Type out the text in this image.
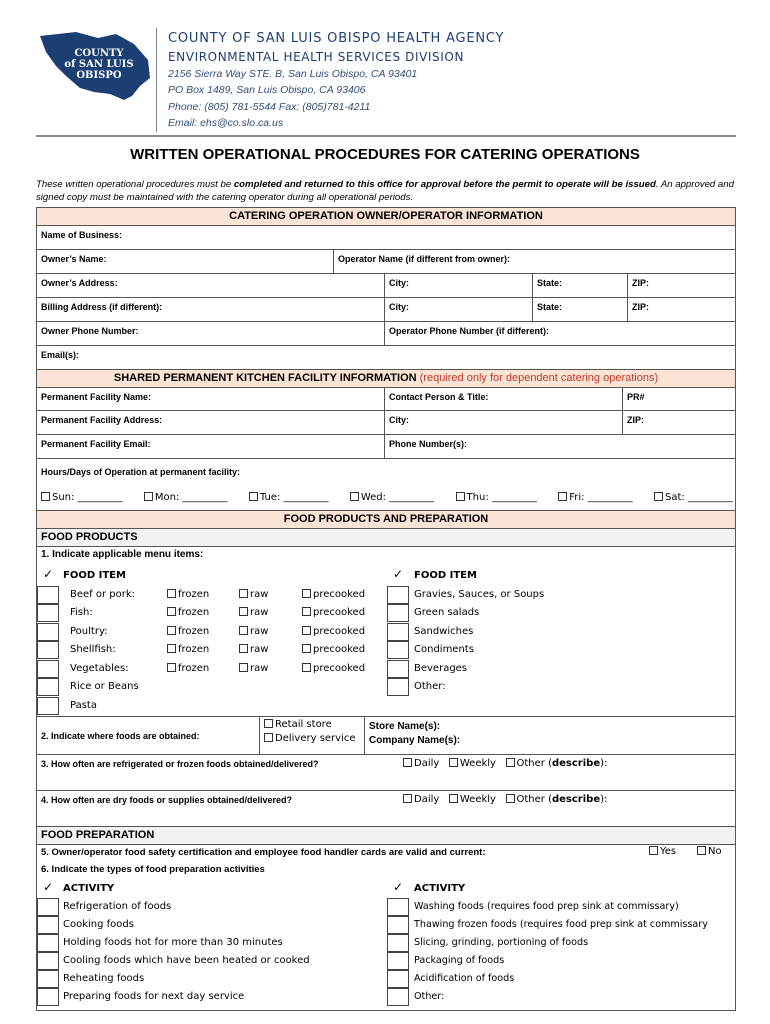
COUNTY
of SAN LUIS
OBISPO
COUNTY OF SAN LUIS OBISPO HEALTH AGENCY
ENVIRONMENTAL HEALTH SERVICES DIVISION
2156 Sierra Way STE. B, San Luis Obispo, CA 93401
PO Box 1489, San Luis Obispo, CA 93406
Phone: (805) 781-5544 Fax: (805)781-4211
Email: ehs@co.slo.ca.us
WRITTEN OPERATIONAL PROCEDURES FOR CATERING OPERATIONS
These written operational procedures must be completed and returned to this office for approval before the permit to operate will be issued. An approved and signed copy must be maintained with the catering operator during all operational periods.
CATERING OPERATION OWNER/OPERATOR INFORMATION
Name of Business:
Owner’s Name:	Operator Name (if different from owner):
Owner’s Address:	City:	State:	ZIP:
Billing Address (if different):	City:	State:	ZIP:
Owner Phone Number:	Operator Phone Number (if different):
Email(s):
SHARED PERMANENT KITCHEN FACILITY INFORMATION (required only for dependent catering operations)
Permanent Facility Name:	Contact Person & Title:	PR#
Permanent Facility Address:	City:	ZIP:
Permanent Facility Email:	Phone Number(s):
Hours/Days of Operation at permanent facility:
Sun: _________	Mon: _________	Tue: _________	Wed: _________	Thu: _________	Fri: _________	Sat: _________
FOOD PRODUCTS AND PREPARATION
FOOD PRODUCTS
1. Indicate applicable menu items:
✓ FOOD ITEM	✓ FOOD ITEM
Beef or pork:	frozen	raw	precooked
Fish:	frozen	raw	precooked
Poultry:	frozen	raw	precooked
Shellfish:	frozen	raw	precooked
Vegetables:	frozen	raw	precooked
Rice or Beans
Pasta
Gravies, Sauces, or Soups
Green salads
Sandwiches
Condiments
Beverages
Other:
2. Indicate where foods are obtained:
Retail store
Delivery service
Store Name(s):
Company Name(s):
3. How often are refrigerated or frozen foods obtained/delivered?	Daily Weekly Other (describe):
4. How often are dry foods or supplies obtained/delivered?	Daily Weekly Other (describe):
FOOD PREPARATION
5. Owner/operator food safety certification and employee food handler cards are valid and current:	Yes	No
6. Indicate the types of food preparation activities
✓ ACTIVITY	✓ ACTIVITY
Refrigeration of foods
Cooking foods
Holding foods hot for more than 30 minutes
Cooling foods which have been heated or cooked
Reheating foods
Preparing foods for next day service
Washing foods (requires food prep sink at commissary)
Thawing frozen foods (requires food prep sink at commissary
Slicing, grinding, portioning of foods
Packaging of foods
Acidification of foods
Other:
